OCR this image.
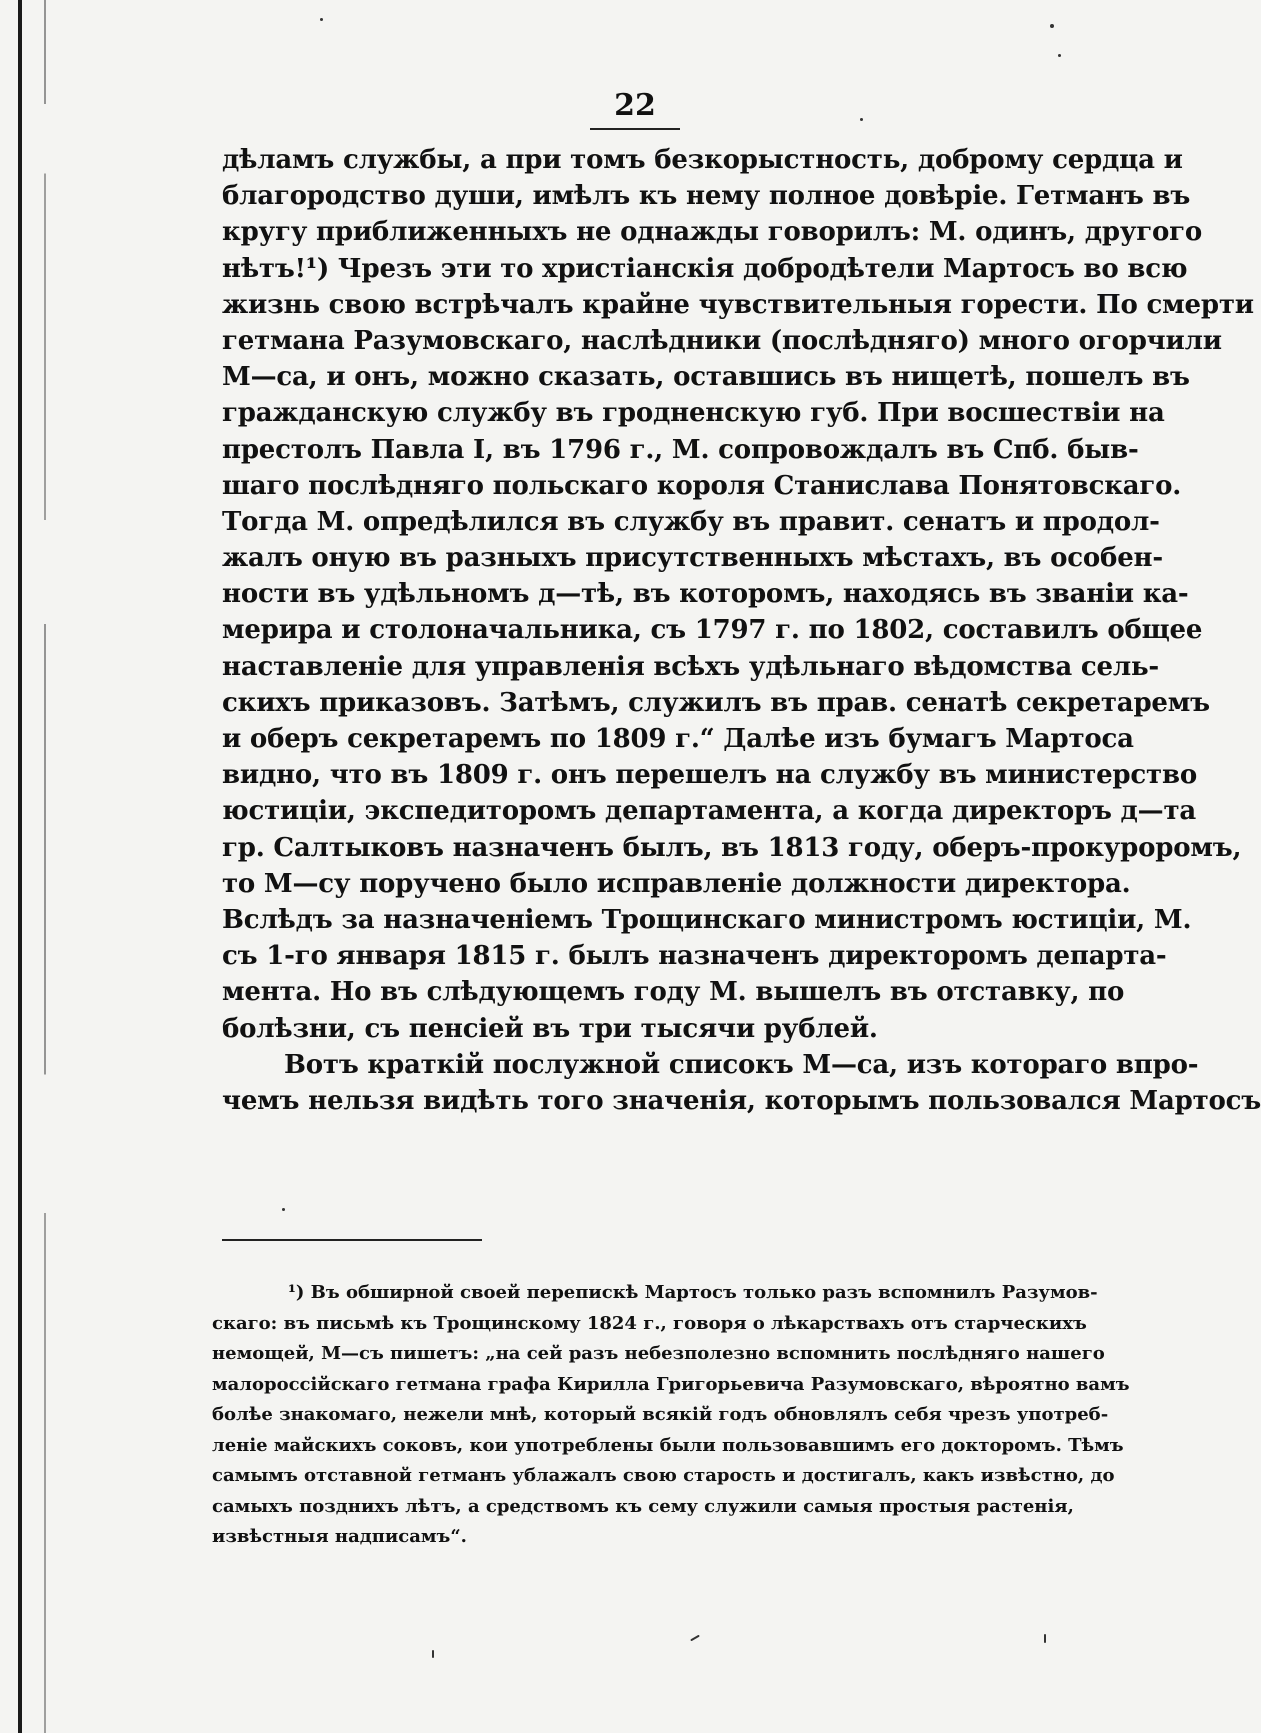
22
дѣламъ службы, а при томъ безкорыстность, доброму сердца и
благородство души, имѣлъ къ нему полное довѣріе. Гетманъ въ
кругу приближенныхъ не однажды говорилъ: М. одинъ, другого
нѣтъ!¹) Чрезъ эти то христіанскія добродѣтели Мартосъ во всю
жизнь свою встрѣчалъ крайне чувствительныя горести. По смерти
гетмана Разумовскаго, наслѣдники (послѣдняго) много огорчили
М—са, и онъ, можно сказать, оставшись въ нищетѣ, пошелъ въ
гражданскую службу въ гродненскую губ. При восшествіи на
престолъ Павла I, въ 1796 г., М. сопровождалъ въ Спб. быв-
шаго послѣдняго польскаго короля Станислава Понятовскаго.
Тогда М. опредѣлился въ службу въ правит. сенатъ и продол-
жалъ оную въ разныхъ присутственныхъ мѣстахъ, въ особен-
ности въ удѣльномъ д—тѣ, въ которомъ, находясь въ званіи ка-
мерира и столоначальника, съ 1797 г. по 1802, составилъ общее
наставленіе для управленія всѣхъ удѣльнаго вѣдомства сель-
скихъ приказовъ. Затѣмъ, служилъ въ прав. сенатѣ секретаремъ
и оберъ секретаремъ по 1809 г.“ Далѣе изъ бумагъ Мартоса
видно, что въ 1809 г. онъ перешелъ на службу въ министерство
юстиціи, экспедиторомъ департамента, а когда директоръ д—та
гр. Салтыковъ назначенъ былъ, въ 1813 году, оберъ-прокуроромъ,
то М—су поручено было исправленіе должности директора.
Вслѣдъ за назначеніемъ Трощинскаго министромъ юстиціи, М.
съ 1-го января 1815 г. былъ назначенъ директоромъ департа-
мента. Но въ слѣдующемъ году М. вышелъ въ отставку, по
болѣзни, съ пенсіей въ три тысячи рублей.
Вотъ краткій послужной списокъ М—са, изъ котораго впро-
чемъ нельзя видѣть того значенія, которымъ пользовался Мартосъ
¹) Въ обширной своей перепискѣ Мартосъ только разъ вспомнилъ Разумов-
скаго: въ письмѣ къ Трощинскому 1824 г., говоря о лѣкарствахъ отъ старческихъ
немощей, М—съ пишетъ: „на сей разъ небезполезно вспомнить послѣдняго нашего
малороссійскаго гетмана графа Кирилла Григорьевича Разумовскаго, вѣроятно вамъ
болѣе знакомаго, нежели мнѣ, который всякій годъ обновлялъ себя чрезъ употреб-
леніе майскихъ соковъ, кои употреблены были пользовавшимъ его докторомъ. Тѣмъ
самымъ отставной гетманъ ублажалъ свою старость и достигалъ, какъ извѣстно, до
самыхъ позднихъ лѣтъ, а средствомъ къ сему служили самыя простыя растенія,
извѣстныя надписамъ“.
